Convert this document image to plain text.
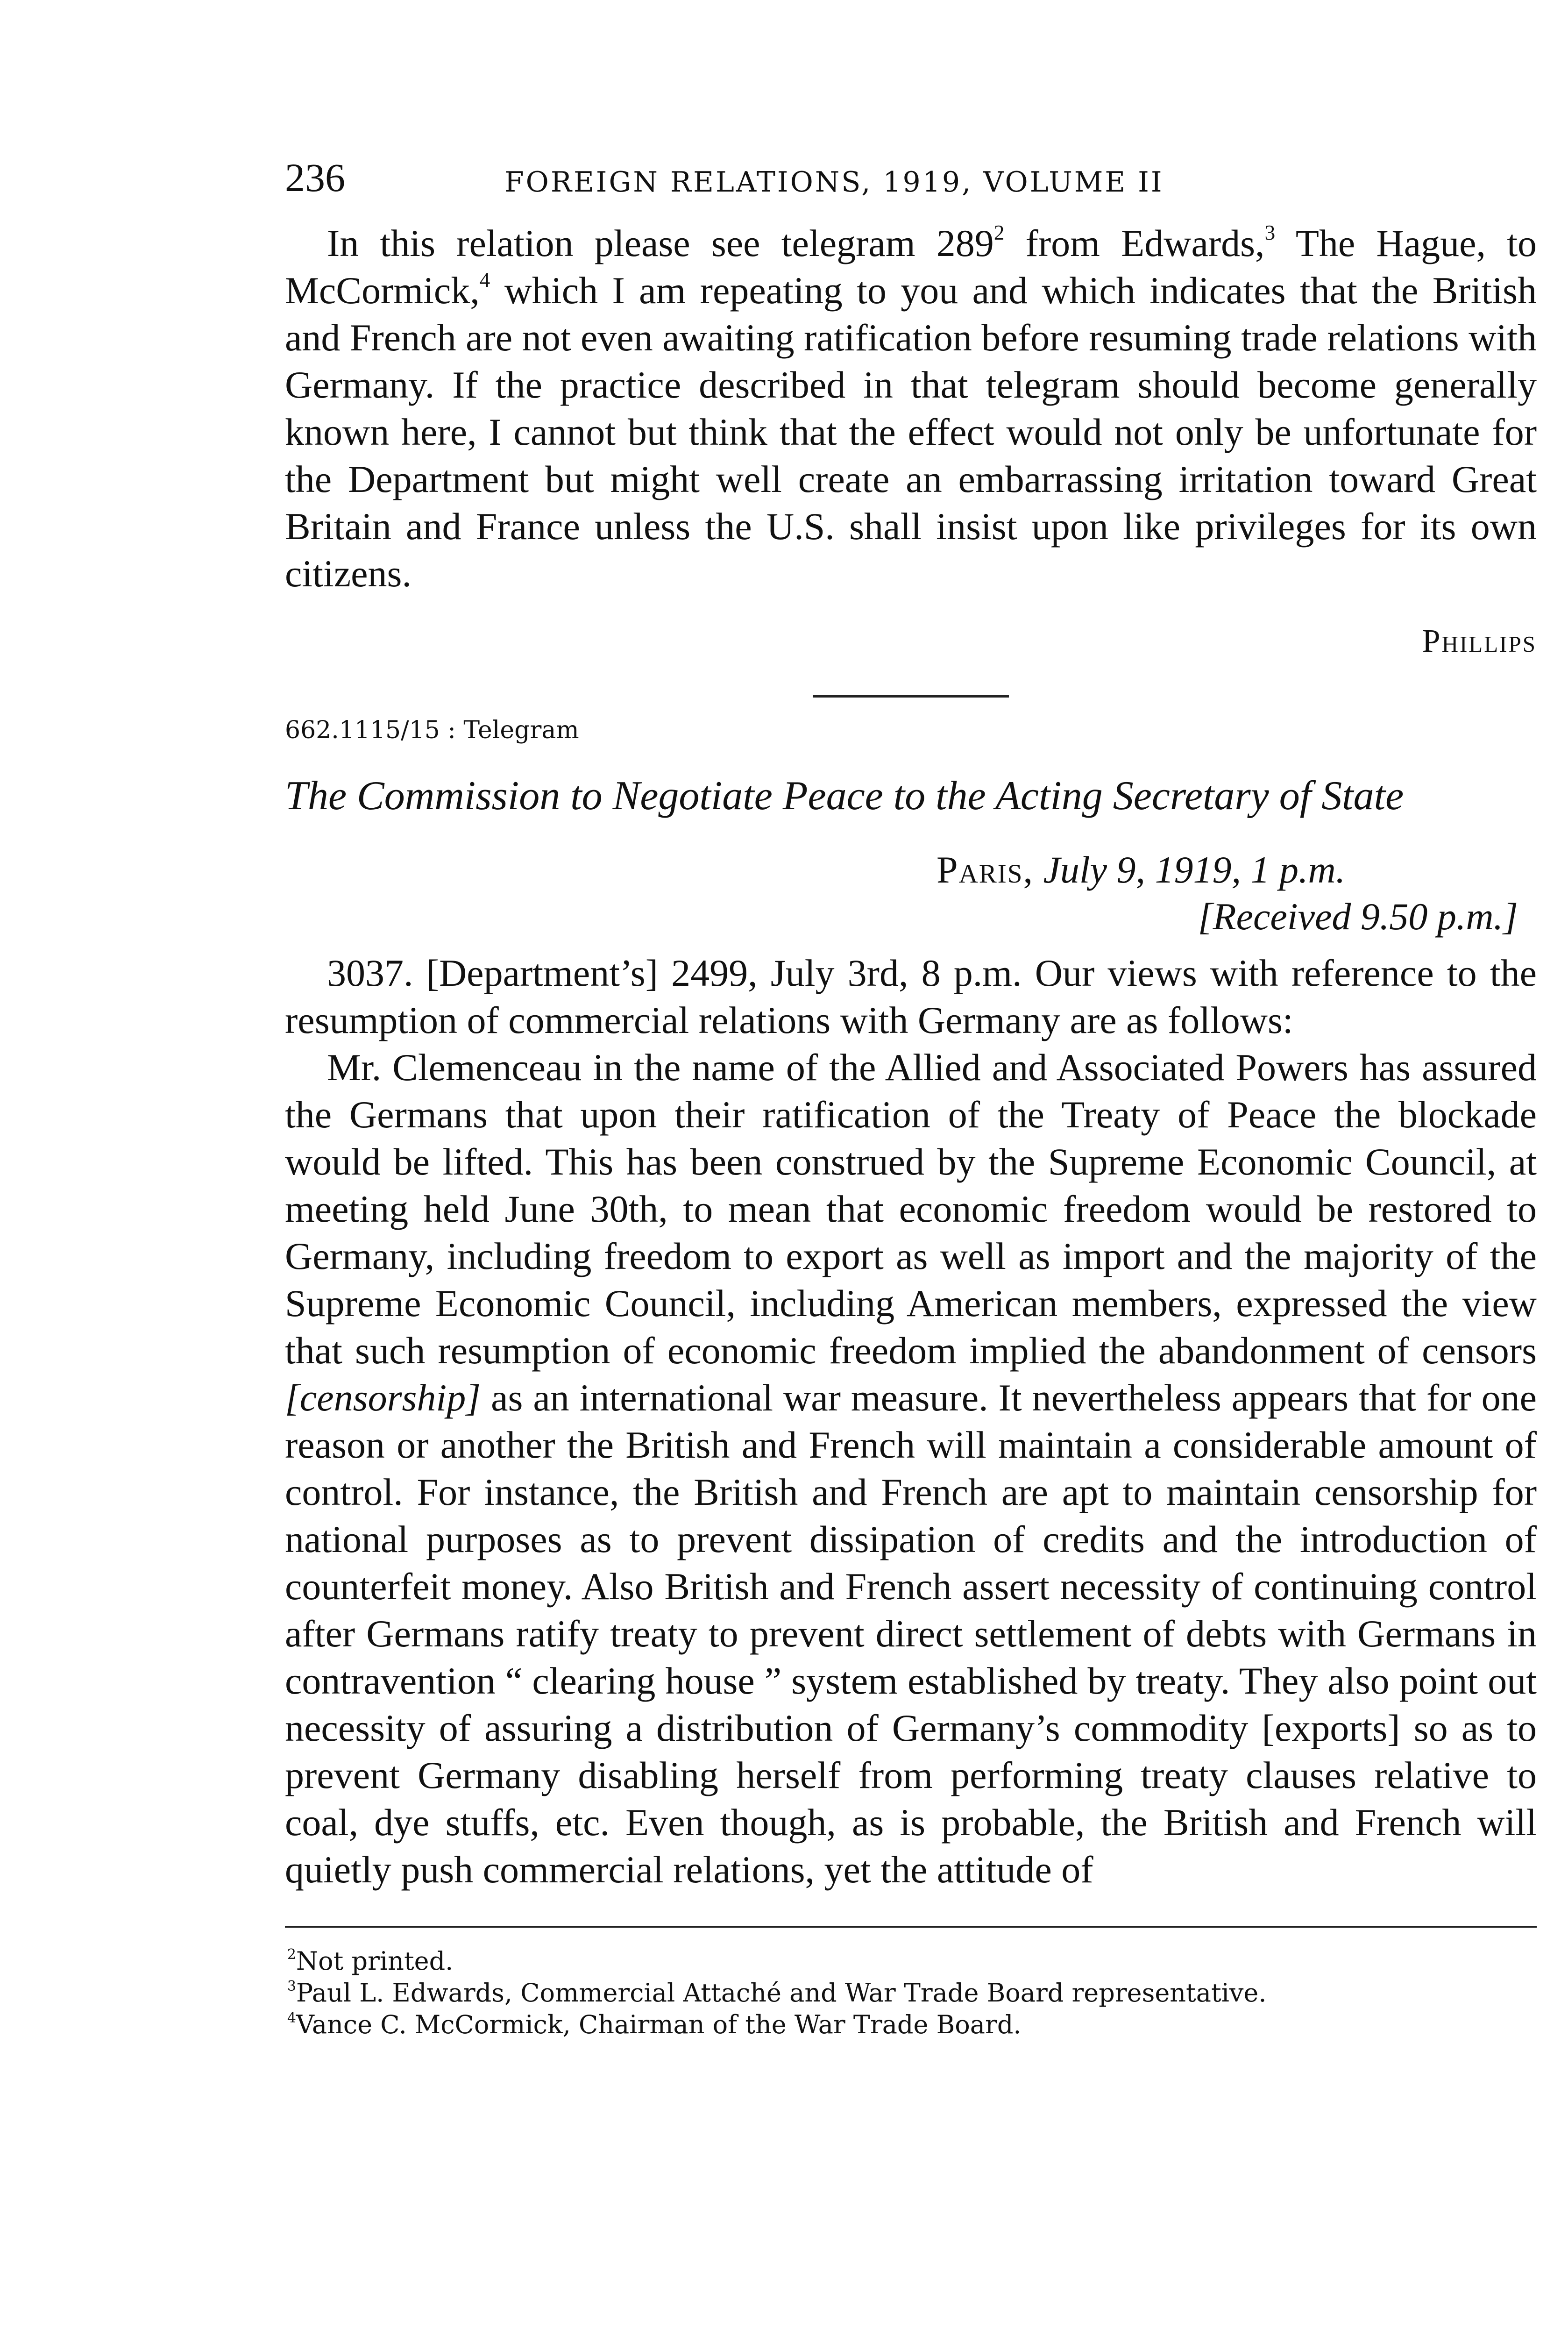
236	FOREIGN RELATIONS, 1919, VOLUME II

In this relation please see telegram $289^2$ from Edwards,$^3$ The Hague, to McCormick,$^4$ which I am repeating to you and which indicates that the British and French are not even awaiting ratification before resuming trade relations with Germany. If the practice described in that telegram should become generally known here, I cannot but think that the effect would not only be unfortunate for the Department but might well create an embarrassing irritation toward Great Britain and France unless the U.S. shall insist upon like privileges for its own citizens.

Phillips
662.1115/15 : Telegram
The Commission to Negotiate Peace to the Acting Secretary of State
Paris, July 9, 1919, 1 p.m.
[Received 9.50 p.m.]

3037. [Department’s] 2499, July 3rd, 8 p.m. Our views with reference to the resumption of commercial relations with Germany are as follows:

Mr. Clemenceau in the name of the Allied and Associated Powers has assured the Germans that upon their ratification of the Treaty of Peace the blockade would be lifted. This has been construed by the Supreme Economic Council, at meeting held June 30th, to mean that economic freedom would be restored to Germany, including freedom to export as well as import and the majority of the Supreme Economic Council, including American members, expressed the view that such resumption of economic freedom implied the abandonment of censors [censorship] as an international war measure. It nevertheless appears that for one reason or another the British and French will maintain a considerable amount of control. For instance, the British and French are apt to maintain censorship for national purposes as to prevent dissipation of credits and the introduction of counterfeit money. Also British and French assert necessity of continuing control after Germans ratify treaty to prevent direct settlement of debts with Germans in contravention “ clearing house ” system established by treaty. They also point out necessity of assuring a distribution of Germany’s commodity [exports] so as to prevent Germany disabling herself from performing treaty clauses relative to coal, dye stuffs, etc. Even though, as is probable, the British and French will quietly push commercial relations, yet the attitude of

$^2$Not printed.
$^3$Paul L. Edwards, Commercial Attaché and War Trade Board representative.
$^4$Vance C. McCormick, Chairman of the War Trade Board.
